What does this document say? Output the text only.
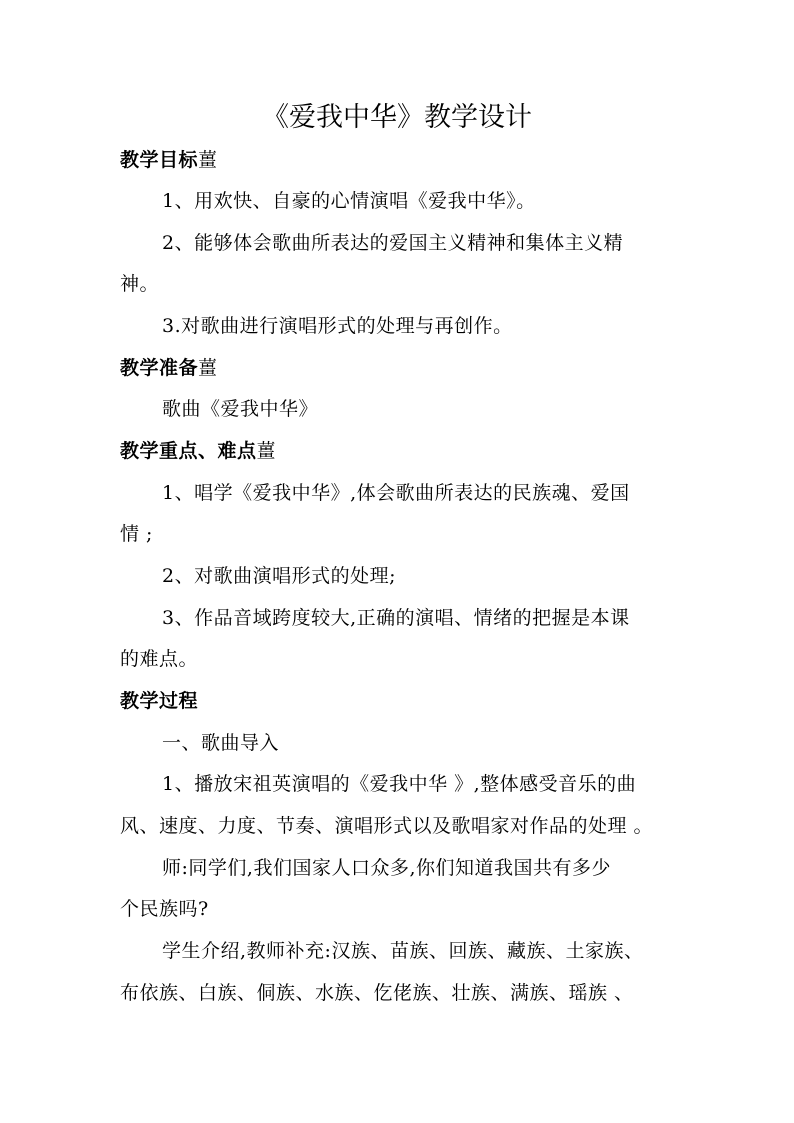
《爱我中华》教学设计
教学目标薑
1、用欢快、自豪的心情演唱《爱我中华》。
2、能够体会歌曲所表达的爱国主义精神和集体主义精
神。
3.对歌曲进行演唱形式的处理与再创作。
教学准备薑
歌曲《爱我中华》
教学重点、难点薑
1、唱学《爱我中华》,体会歌曲所表达的民族魂、爱国
情 ;
2、对歌曲演唱形式的处理;
3、作品音域跨度较大,正确的演唱、情绪的把握是本课
的难点。
教学过程
一、歌曲导入
1、播放宋祖英演唱的《爱我中华 》,整体感受音乐的曲
风、速度、力度、节奏、演唱形式以及歌唱家对作品的处理 。
师:同学们,我们国家人口众多,你们知道我国共有多少
个民族吗?
学生介绍,教师补充:汉族、苗族、回族、藏族、土家族、
布依族、白族、侗族、水族、仡佬族、壮族、满族、瑶族 、
